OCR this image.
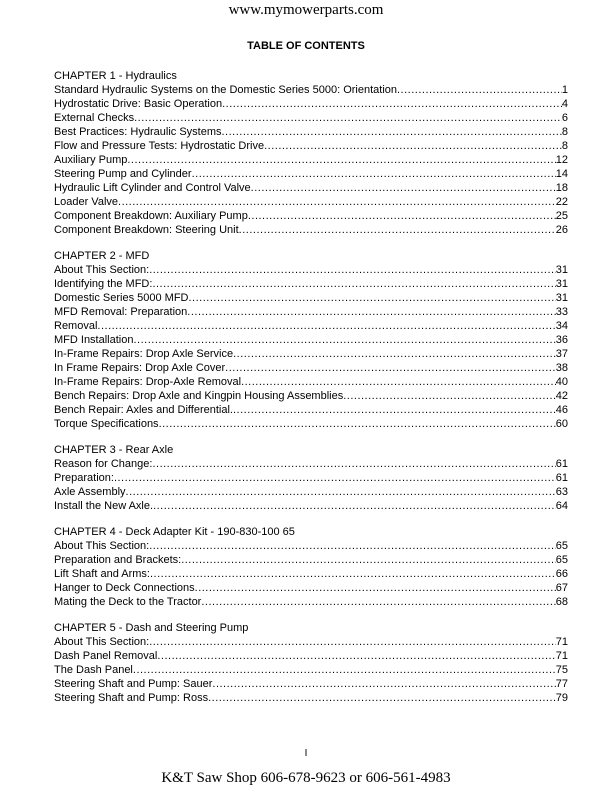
www.mymowerparts.com
TABLE OF CONTENTS
CHAPTER 1 - Hydraulics
Standard Hydraulic Systems on the Domestic Series 5000: Orientation .....	1
Hydrostatic Drive: Basic Operation .....	4
External Checks .....	6
Best Practices: Hydraulic Systems .....	8
Flow and Pressure Tests: Hydrostatic Drive .....	8
Auxiliary Pump .....	12
Steering Pump and Cylinder .....	14
Hydraulic Lift Cylinder and Control Valve .....	18
Loader Valve .....	22
Component Breakdown: Auxiliary Pump .....	25
Component Breakdown: Steering Unit .....	26
CHAPTER 2 - MFD
About This Section: .....	31
Identifying the MFD: .....	31
Domestic Series 5000 MFD .....	31
MFD Removal: Preparation .....	33
Removal .....	34
MFD Installation .....	36
In-Frame Repairs: Drop Axle Service .....	37
In Frame Repairs: Drop Axle Cover .....	38
In-Frame Repairs: Drop-Axle Removal .....	40
Bench Repairs: Drop Axle and Kingpin Housing Assemblies .....	42
Bench Repair: Axles and Differential. .....	46
Torque Specifications .....	60
CHAPTER 3 - Rear Axle
Reason for Change: .....	61
Preparation: .....	61
Axle Assembly .....	63
Install the New Axle. .....	64
CHAPTER 4 - Deck Adapter Kit - 190-830-100 65
About This Section: .....	65
Preparation and Brackets: .....	65
Lift Shaft and Arms: .....	66
Hanger to Deck Connections .....	67
Mating the Deck to the Tractor .....	68
CHAPTER 5 - Dash and Steering Pump
About This Section: .....	71
Dash Panel Removal .....	71
The Dash Panel .....	75
Steering Shaft and Pump: Sauer .....	77
Steering Shaft and Pump: Ross .....	79
I
K&T Saw Shop 606-678-9623 or 606-561-4983
